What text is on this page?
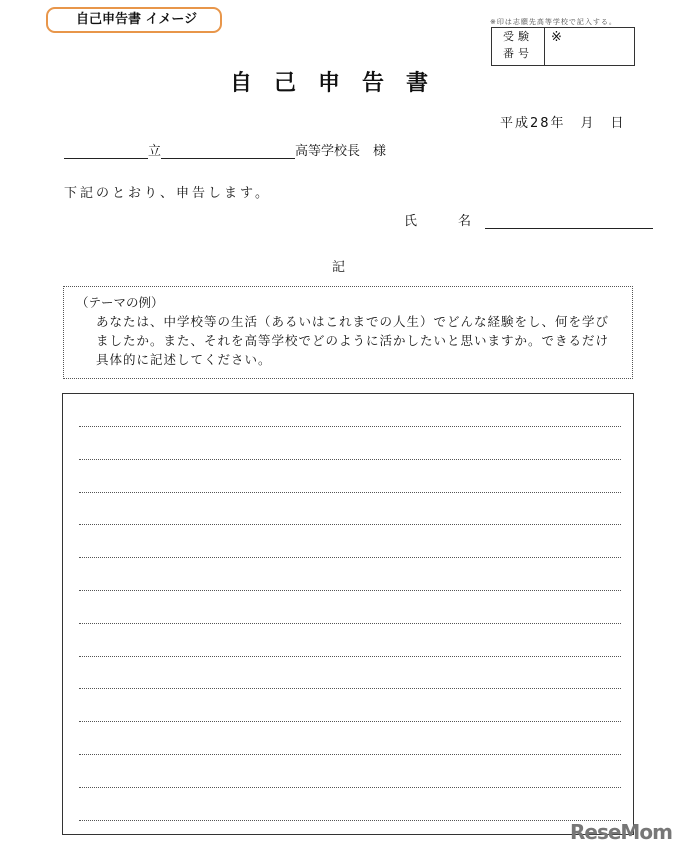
自己申告書 イメージ	※印は志願先高等学校で記入する。
受験
番号
※
自己申告書
平成28年　月　日
立	高等学校長　様
下記のとおり、申告します。
氏　名
記
（テーマの例）
あなたは、中学校等の生活（あるいはこれまでの人生）でどんな経験をし、何を学びましたか。また、それを高等学校でどのように活かしたいと思いますか。できるだけ具体的に記述してください。
ReseMom
